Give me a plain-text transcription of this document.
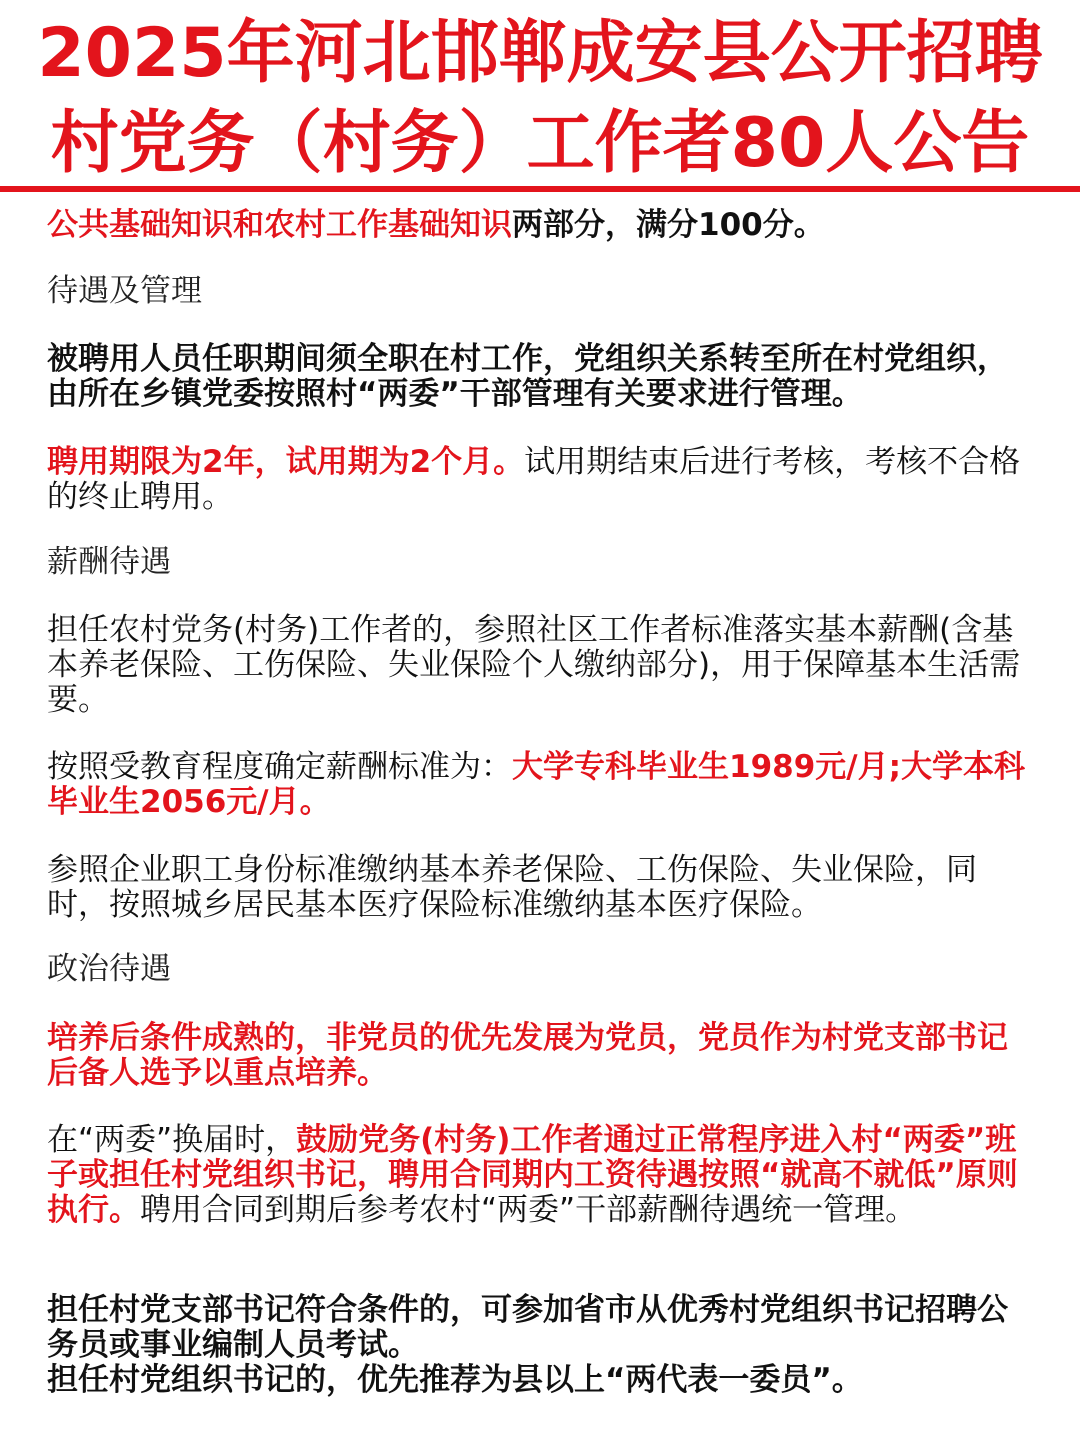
2025年河北邯郸成安县公开招聘
村党务（村务）工作者80人公告

公共基础知识和农村工作基础知识两部分，满分100分。

待遇及管理

被聘用人员任职期间须全职在村工作，党组织关系转至所在村党组织，由所在乡镇党委按照村“两委”干部管理有关要求进行管理。

聘用期限为2年，试用期为2个月。试用期结束后进行考核，考核不合格的终止聘用。

薪酬待遇

担任农村党务(村务)工作者的，参照社区工作者标准落实基本薪酬(含基本养老保险、工伤保险、失业保险个人缴纳部分)，用于保障基本生活需要。

按照受教育程度确定薪酬标准为：大学专科毕业生1989元/月;大学本科毕业生2056元/月。

参照企业职工身份标准缴纳基本养老保险、工伤保险、失业保险，同时，按照城乡居民基本医疗保险标准缴纳基本医疗保险。

政治待遇

培养后条件成熟的，非党员的优先发展为党员，党员作为村党支部书记后备人选予以重点培养。

在“两委”换届时，鼓励党务(村务)工作者通过正常程序进入村“两委”班子或担任村党组织书记，聘用合同期内工资待遇按照“就高不就低”原则执行。聘用合同到期后参考农村“两委”干部薪酬待遇统一管理。

担任村党支部书记符合条件的，可参加省市从优秀村党组织书记招聘公务员或事业编制人员考试。

担任村党组织书记的，优先推荐为县以上“两代表一委员”。
